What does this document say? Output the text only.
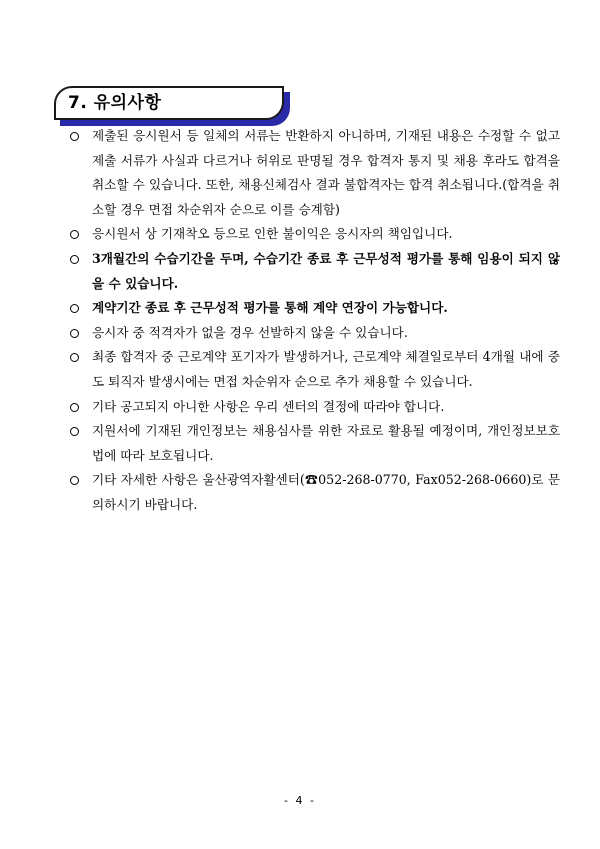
7. 유의사항
제출된 응시원서 등 일체의 서류는 반환하지 아니하며, 기재된 내용은 수정할 수 없고 제출 서류가 사실과 다르거나 허위로 판명될 경우 합격자 통지 및 채용 후라도 합격을 취소할 수 있습니다. 또한, 채용신체검사 결과 불합격자는 합격 취소됩니다.(합격을 취소할 경우 면접 차순위자 순으로 이를 승계함)
응시원서 상 기재착오 등으로 인한 불이익은 응시자의 책임입니다.
3개월간의 수습기간을 두며, 수습기간 종료 후 근무성적 평가를 통해 임용이 되지 않을 수 있습니다.
계약기간 종료 후 근무성적 평가를 통해 계약 연장이 가능합니다.
응시자 중 적격자가 없을 경우 선발하지 않을 수 있습니다.
최종 합격자 중 근로계약 포기자가 발생하거나, 근로계약 체결일로부터 4개월 내에 중도 퇴직자 발생시에는 면접 차순위자 순으로 추가 채용할 수 있습니다.
기타 공고되지 아니한 사항은 우리 센터의 결정에 따라야 합니다.
지원서에 기재된 개인정보는 채용심사를 위한 자료로 활용될 예정이며, 개인정보보호법에 따라 보호됩니다.
기타 자세한 사항은 울산광역자활센터(☎052-268-0770, Fax052-268-0660)로 문의하시기 바랍니다.
- 4 -
